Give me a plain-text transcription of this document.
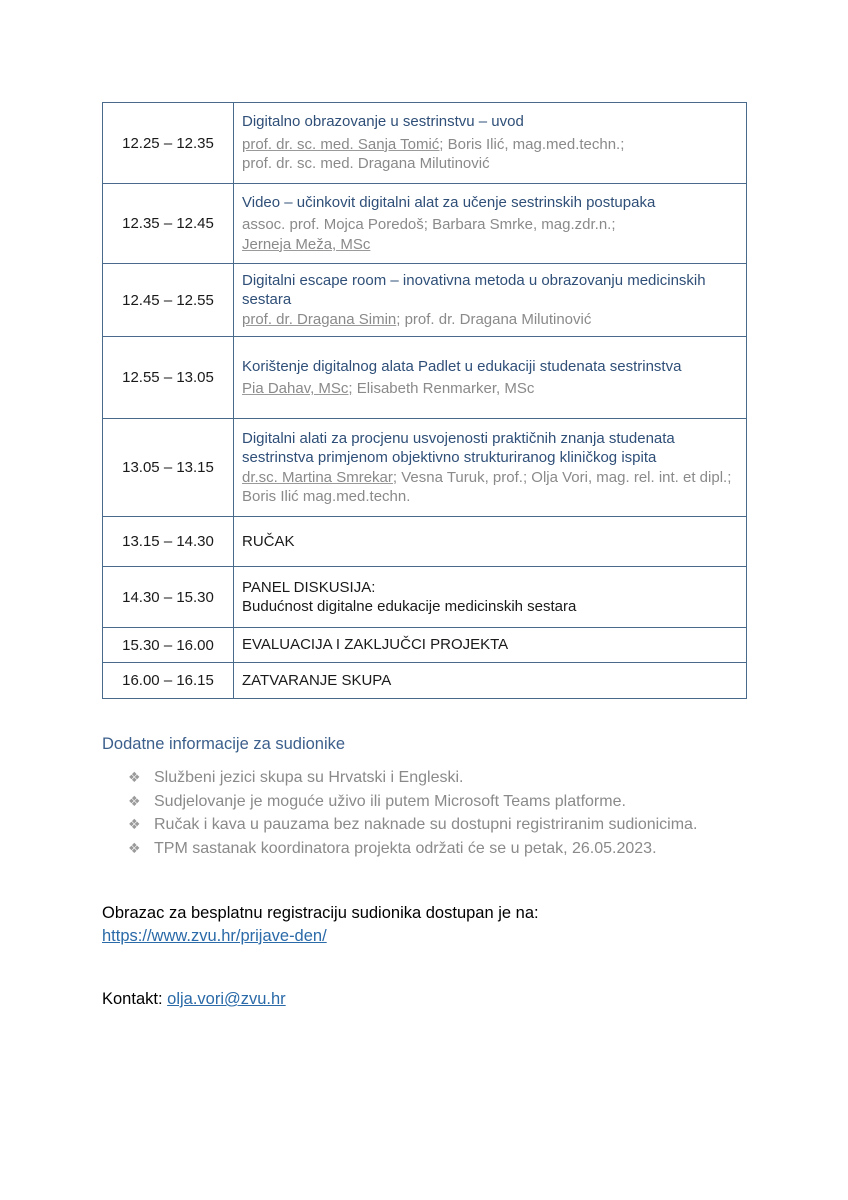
12.25 – 12.35	Digitalno obrazovanje u sestrinstvu – uvod
prof. dr. sc. med. Sanja Tomić; Boris Ilić, mag.med.techn.;
prof. dr. sc. med. Dragana Milutinović

12.35 – 12.45	Video – učinkovit digitalni alat za učenje sestrinskih postupaka
assoc. prof. Mojca Poredoš; Barbara Smrke, mag.zdr.n.;
Jerneja Meža, MSc

12.45 – 12.55	Digitalni escape room – inovativna metoda u obrazovanju medicinskih sestara
prof. dr. Dragana Simin; prof. dr. Dragana Milutinović

12.55 – 13.05	Korištenje digitalnog alata Padlet u edukaciji studenata sestrinstva
Pia Dahav, MSc; Elisabeth Renmarker, MSc

13.05 – 13.15	Digitalni alati za procjenu usvojenosti praktičnih znanja studenata sestrinstva primjenom objektivno strukturiranog kliničkog ispita
dr.sc. Martina Smrekar; Vesna Turuk, prof.; Olja Vori, mag. rel. int. et dipl.; Boris Ilić mag.med.techn.

13.15 – 14.30	RUČAK
14.30 – 15.30	PANEL DISKUSIJA:
Budućnost digitalne edukacije medicinskih sestara

15.30 – 16.00	EVALUACIJA I ZAKLJUČCI PROJEKTA
16.00 – 16.15	ZATVARANJE SKUPA
Dodatne informacije za sudionike
❖ Službeni jezici skupa su Hrvatski i Engleski.
❖ Sudjelovanje je moguće uživo ili putem Microsoft Teams platforme.
❖ Ručak i kava u pauzama bez naknade su dostupni registriranim sudionicima.
❖ TPM sastanak koordinatora projekta održati će se u petak, 26.05.2023.
Obrazac za besplatnu registraciju sudionika dostupan je na:
https://www.zvu.hr/prijave-den/
Kontakt: olja.vori@zvu.hr
